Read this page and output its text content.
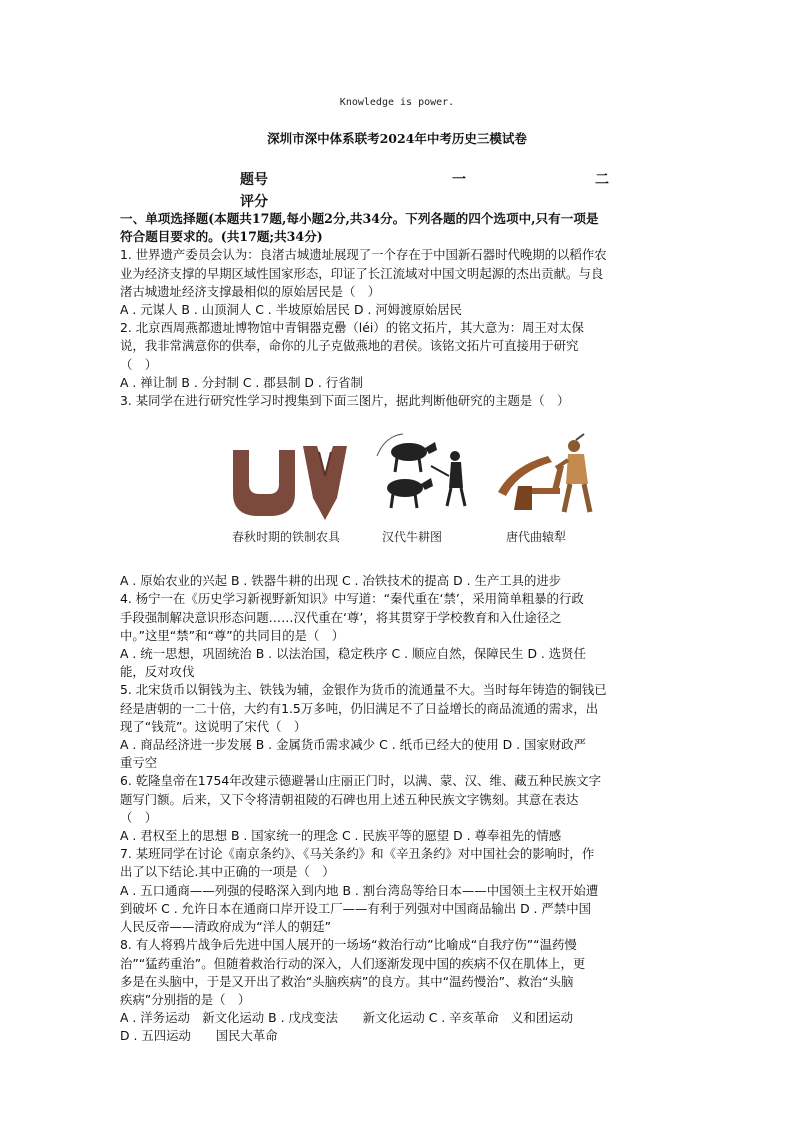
Knowledge is power.
深圳市深中体系联考2024年中考历史三模试卷
题号	一	二
评分

一、单项选择题(本题共17题,每小题2分,共34分。下列各题的四个选项中,只有一项是

符合题目要求的。(共17题;共34分)

1. 世界遗产委员会认为：良渚古城遗址展现了一个存在于中国新石器时代晚期的以稻作农

业为经济支撑的早期区域性国家形态，印证了长江流域对中国文明起源的杰出贡献。与良

渚古城遗址经济支撑最相似的原始居民是（　）

A . 元谋人 B . 山顶洞人 C . 半坡原始居民 D . 河姆渡原始居民

2. 北京西周燕都遗址博物馆中青铜器克罍（léi）的铭文拓片，其大意为：周王对太保

说，我非常满意你的供奉，命你的儿子克做燕地的君侯。该铭文拓片可直接用于研究

（　）

A . 禅让制 B . 分封制 C . 郡县制 D . 行省制

3. 某同学在进行研究性学习时搜集到下面三图片，据此判断他研究的主题是（　）

春秋时期的铁制农具	汉代牛耕图	唐代曲辕犁

A . 原始农业的兴起 B . 铁器牛耕的出现 C . 冶铁技术的提高 D . 生产工具的进步

4. 杨宁一在《历史学习新视野新知识》中写道：“秦代重在‘禁’，采用简单粗暴的行政

手段强制解决意识形态问题……汉代重在‘尊’，将其贯穿于学校教育和入仕途径之

中。”这里“禁”和“尊”的共同目的是（　）

A . 统一思想，巩固统治 B . 以法治国，稳定秩序 C . 顺应自然，保障民生 D . 选贤任

能，反对攻伐

5. 北宋货币以铜钱为主、铁钱为辅，金银作为货币的流通量不大。当时每年铸造的铜钱已

经是唐朝的一二十倍，大约有1.5万多吨，仍旧满足不了日益增长的商品流通的需求，出

现了“钱荒”。这说明了宋代（　）

A . 商品经济进一步发展 B . 金属货币需求减少 C . 纸币已经大的使用 D . 国家财政严

重亏空

6. 乾隆皇帝在1754年改建示德避暑山庄丽正门时，以满、蒙、汉、维、藏五种民族文字

题写门额。后来，又下令将清朝祖陵的石碑也用上述五种民族文字镌刻。其意在表达

（　）

A . 君权至上的思想 B . 国家统一的理念 C . 民族平等的愿望 D . 尊奉祖先的情感

7. 某班同学在讨论《南京条约》、《马关条约》和《辛丑条约》对中国社会的影响时，作

出了以下结论.其中正确的一项是（　）

A . 五口通商——列强的侵略深入到内地 B . 割台湾岛等给日本——中国领土主权开始遭

到破坏 C . 允许日本在通商口岸开设工厂——有利于列强对中国商品输出 D . 严禁中国

人民反帝——清政府成为“洋人的朝廷”

8. 有人将鸦片战争后先进中国人展开的一场场“救治行动”比喻成“自我疗伤”“温药慢

治”“猛药重治”。但随着救治行动的深入，人们逐渐发现中国的疾病不仅在肌体上，更

多是在头脑中，于是又开出了救治“头脑疾病”的良方。其中“温药慢治”、救治“头脑

疾病”分别指的是（　）

A . 洋务运动　新文化运动 B . 戊戌变法　　新文化运动 C . 辛亥革命　义和团运动

D . 五四运动　　国民大革命
